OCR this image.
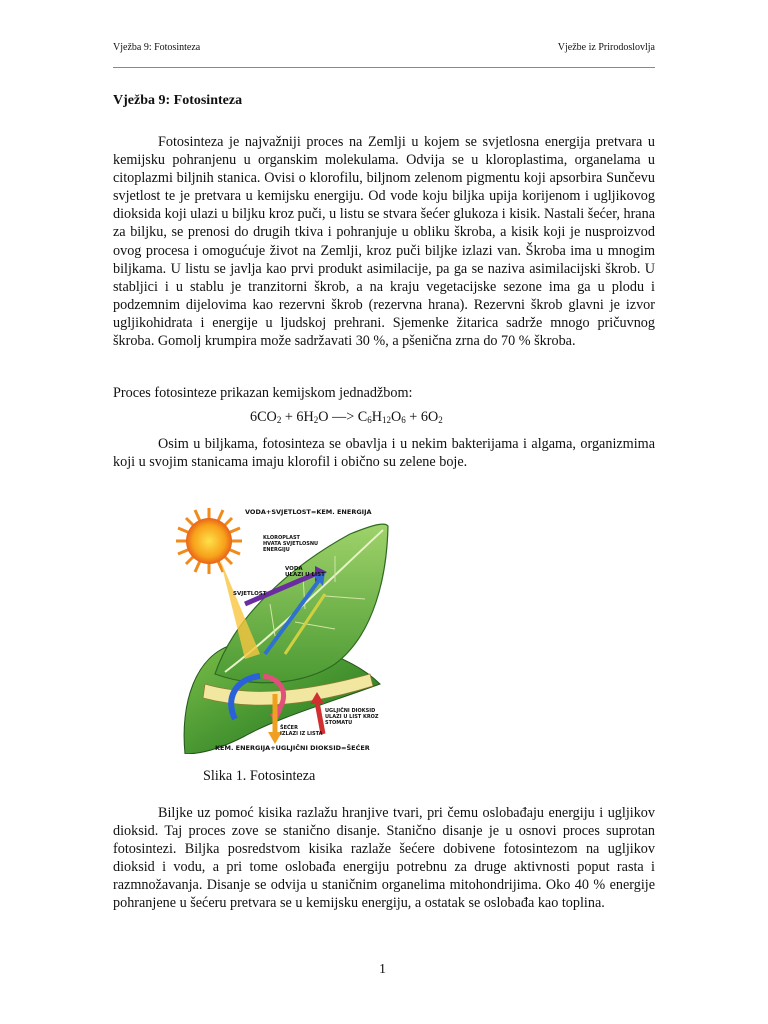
Vježba 9: Fotosinteza	Vježbe iz Prirodoslovlja
Vježba 9: Fotosinteza
Fotosinteza je najvažniji proces na Zemlji u kojem se svjetlosna energija pretvara u kemijsku pohranjenu u organskim molekulama. Odvija se u kloroplastima, organelama u citoplazmi biljnih stanica. Ovisi o klorofilu, biljnom zelenom pigmentu koji apsorbira Sunčevu svjetlost te je pretvara u kemijsku energiju. Od vode koju biljka upija korijenom i ugljikovog dioksida koji ulazi u biljku kroz puči, u listu se stvara šećer glukoza i kisik. Nastali šećer, hrana za biljku, se prenosi do drugih tkiva i pohranjuje u obliku škroba, a kisik koji je nusproizvod ovog procesa i omogućuje život na Zemlji, kroz puči biljke izlazi van. Škroba ima u mnogim biljkama. U listu se javlja kao prvi produkt asimilacije, pa ga se naziva asimilacijski škrob. U stabljici i u stablu je tranzitorni škrob, a na kraju vegetacijske sezone ima ga u plodu i podzemnim dijelovima kao rezervni škrob (rezervna hrana). Rezervni škrob glavni je izvor ugljikohidrata i energije u ljudskoj prehrani. Sjemenke žitarica sadrže mnogo pričuvnog škroba. Gomolj krumpira može sadržavati 30 %, a pšenična zrna do 70 % škroba.
Proces fotosinteze prikazan kemijskom jednadžbom:
$6CO_2 + 6H_2O$ —> $C_6H_{12}O_6 + 6O_2$
Osim u biljkama, fotosinteza se obavlja i u nekim bakterijama i algama, organizmima koji u svojim stanicama imaju klorofil i obično su zelene boje.
VODA+SVJETLOST=KEM. ENERGIJA
KLOROPLAST
HVATA SVJETLOSNU
ENERGIJU
VODA
ULAZI U LIST
SVJETLOST
UGLJIČNI DIOKSID
ULAZI U LIST KROZ
STOMATU
ŠEĆER
IZLAZI IZ LISTA
KEM. ENERGIJA+UGLJIČNI DIOKSID=ŠEĆER
Slika 1. Fotosinteza
Biljke uz pomoć kisika razlažu hranjive tvari, pri čemu oslobađaju energiju i ugljikov dioksid. Taj proces zove se stanično disanje. Stanično disanje je u osnovi proces suprotan fotosintezi. Biljka posredstvom kisika razlaže šećere dobivene fotosintezom na ugljikov dioksid i vodu, a pri tome oslobađa energiju potrebnu za druge aktivnosti poput rasta i razmnožavanja. Disanje se odvija u staničnim organelima mitohondrijima. Oko 40 % energije pohranjene u šećeru pretvara se u kemijsku energiju, a ostatak se oslobađa kao toplina.
1
